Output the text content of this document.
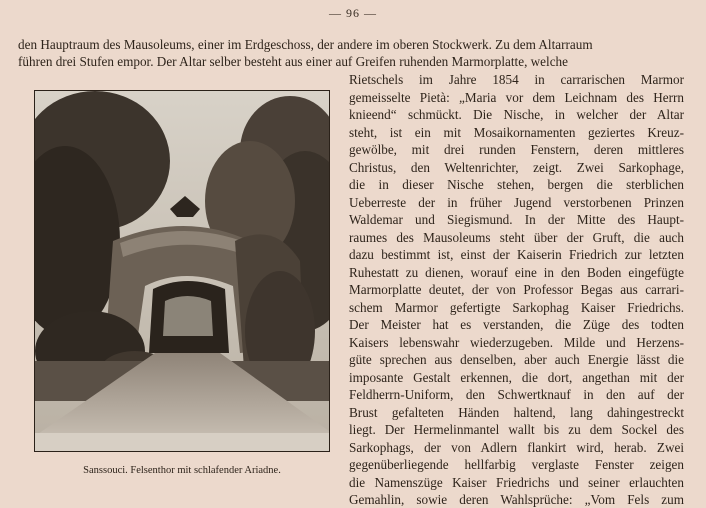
— 96 —
den Hauptraum des Mausoleums, einer im Erdgeschoss, der andere im oberen Stockwerk. Zu dem Altarraum
führen drei Stufen empor. Der Altar selber besteht aus einer auf Greifen ruhenden Marmorplatte, welche
Rietschels im Jahre 1854 in carrarischen Marmor
gemeisselte Pietà: „Maria vor dem Leichnam des Herrn
knieend“ schmückt. Die Nische, in welcher der Altar
steht, ist ein mit Mosaikornamenten geziertes Kreuz-
gewölbe, mit drei runden Fenstern, deren mittleres
Christus, den Weltenrichter, zeigt. Zwei Sarkophage,
die in dieser Nische stehen, bergen die sterblichen
Ueberreste der in früher Jugend verstorbenen Prinzen
Waldemar und Siegismund. In der Mitte des Haupt-
raumes des Mausoleums steht über der Gruft, die auch
dazu bestimmt ist, einst der Kaiserin Friedrich zur letzten
Ruhestatt zu dienen, worauf eine in den Boden eingefügte
Marmorplatte deutet, der von Professor Begas aus carrari-
schem Marmor gefertigte Sarkophag Kaiser Friedrichs.
Der Meister hat es verstanden, die Züge des todten
Kaisers lebenswahr wiederzugeben. Milde und Herzens-
güte sprechen aus denselben, aber auch Energie lässt die
imposante Gestalt erkennen, die dort, angethan mit der
Feldherrn-Uniform, den Schwertknauf in den auf der
Brust gefalteten Händen haltend, lang dahingestreckt
liegt. Der Hermelinmantel wallt bis zu dem Sockel des
Sarkophags, der von Adlern flankirt wird, herab. Zwei
gegenüberliegende hellfarbig verglaste Fenster zeigen
die Namenszüge Kaiser Friedrichs und seiner erlauchten
Gemahlin, sowie deren Wahlsprüche: „Vom Fels zum
Sanssouci. Felsenthor mit schlafender Ariadne.
